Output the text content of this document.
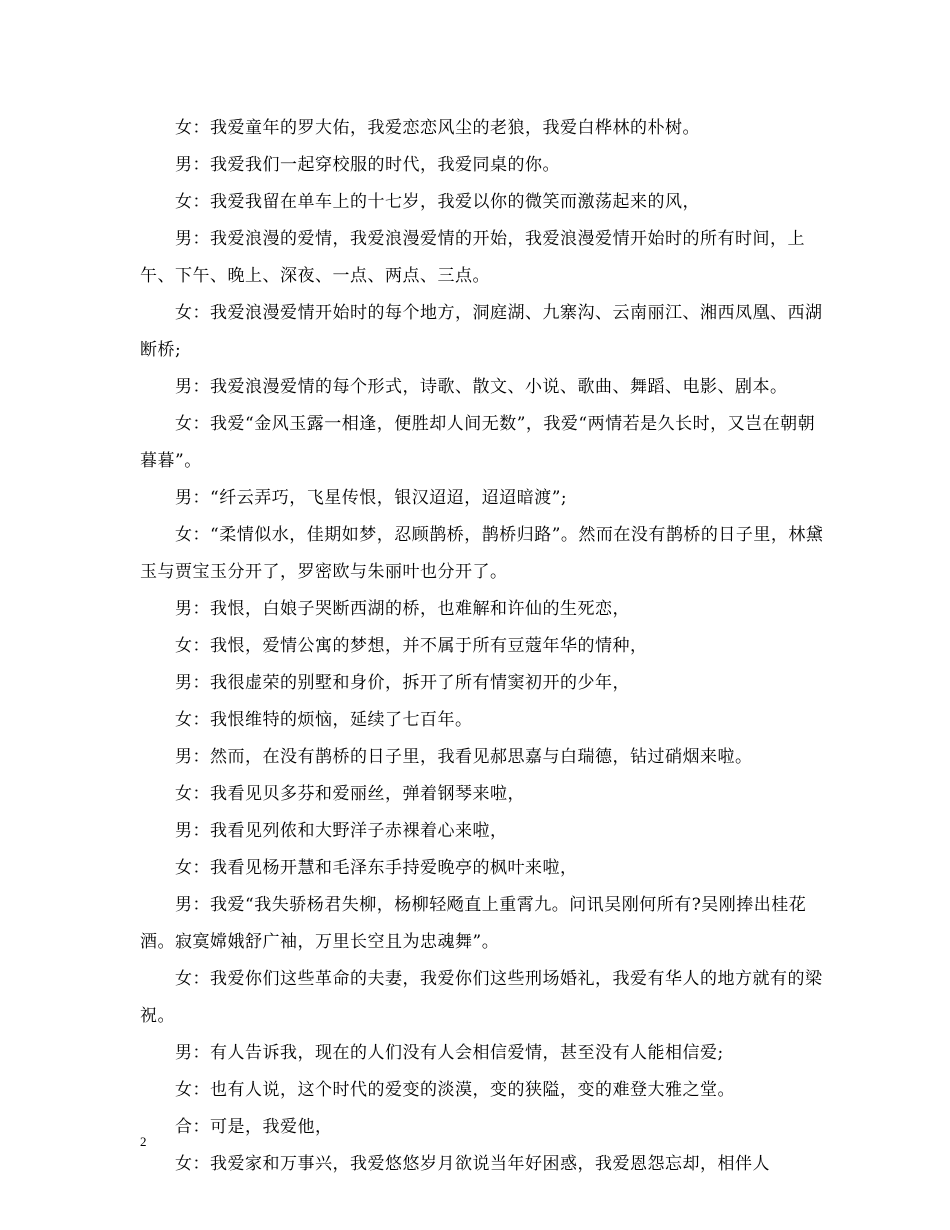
女：我爱童年的罗大佑，我爱恋恋风尘的老狼，我爱白桦林的朴树。

男：我爱我们一起穿校服的时代，我爱同桌的你。

女：我爱我留在单车上的十七岁，我爱以你的微笑而激荡起来的风，

男：我爱浪漫的爱情，我爱浪漫爱情的开始，我爱浪漫爱情开始时的所有时间，上午、下午、晚上、深夜、一点、两点、三点。

女：我爱浪漫爱情开始时的每个地方，洞庭湖、九寨沟、云南丽江、湘西凤凰、西湖断桥;

男：我爱浪漫爱情的每个形式，诗歌、散文、小说、歌曲、舞蹈、电影、剧本。

女：我爱“金风玉露一相逢，便胜却人间无数”，我爱“两情若是久长时，又岂在朝朝暮暮”。

男：“纤云弄巧，飞星传恨，银汉迢迢，迢迢暗渡”;

女：“柔情似水，佳期如梦，忍顾鹊桥，鹊桥归路”。然而在没有鹊桥的日子里，林黛玉与贾宝玉分开了，罗密欧与朱丽叶也分开了。

男：我恨，白娘子哭断西湖的桥，也难解和许仙的生死恋，

女：我恨，爱情公寓的梦想，并不属于所有豆蔻年华的情种，

男：我很虚荣的别墅和身价，拆开了所有情窦初开的少年，

女：我恨维特的烦恼，延续了七百年。

男：然而，在没有鹊桥的日子里，我看见郝思嘉与白瑞德，钻过硝烟来啦。

女：我看见贝多芬和爱丽丝，弹着钢琴来啦，

男：我看见列侬和大野洋子赤裸着心来啦，

女：我看见杨开慧和毛泽东手持爱晚亭的枫叶来啦，

男：我爱“我失骄杨君失柳，杨柳轻飏直上重霄九。问讯吴刚何所有?吴刚捧出桂花酒。寂寞嫦娥舒广袖，万里长空且为忠魂舞”。

女：我爱你们这些革命的夫妻，我爱你们这些刑场婚礼，我爱有华人的地方就有的梁祝。

男：有人告诉我，现在的人们没有人会相信爱情，甚至没有人能相信爱;

女：也有人说，这个时代的爱变的淡漠，变的狭隘，变的难登大雅之堂。

合：可是，我爱他，

女：我爱家和万事兴，我爱悠悠岁月欲说当年好困惑，我爱恩怨忘却，相伴人

2
